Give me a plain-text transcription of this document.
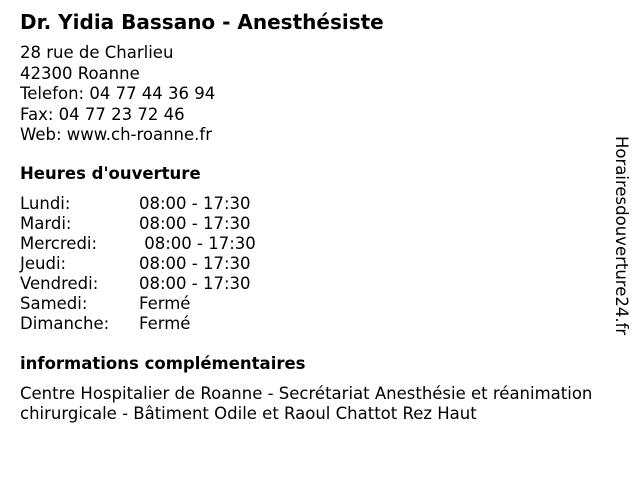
Dr. Yidia Bassano - Anesthésiste
28 rue de Charlieu
42300 Roanne
Telefon: 04 77 44 36 94
Fax: 04 77 23 72 46
Web: www.ch-roanne.fr
Heures d'ouverture
Lundi:	08:00 - 17:30
Mardi:	08:00 - 17:30
Mercredi:	08:00 - 17:30
Jeudi:	08:00 - 17:30
Vendredi:	08:00 - 17:30
Samedi:	Fermé
Dimanche:	Fermé
informations complémentaires
Centre Hospitalier de Roanne - Secrétariat Anesthésie et réanimation chirurgicale - Bâtiment Odile et Raoul Chattot Rez Haut
Horairesdouverture24.fr
